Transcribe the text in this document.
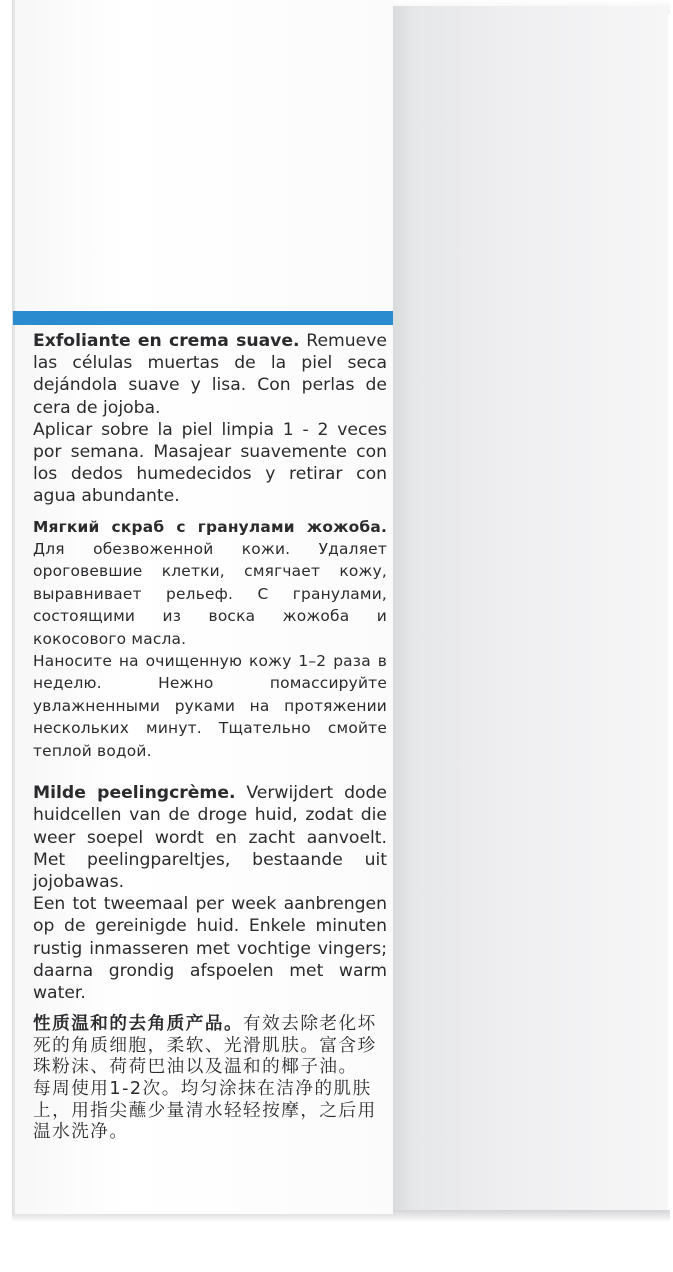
Exfoliante en crema suave. Remueve las células muertas de la piel seca dejándola suave y lisa. Con perlas de cera de jojoba.

Aplicar sobre la piel limpia 1 - 2 veces por semana. Masajear suavemente con los dedos humedecidos y retirar con agua abundante.

Мягкий скраб с гранулами жожоба. Для обезвоженной кожи. Удаляет ороговевшие клетки, смягчает кожу, выравнивает рельеф. С гранулами, состоящими из воска жожоба и кокосового масла.

Наносите на очищенную кожу 1–2 раза в неделю. Нежно помассируйте увлажненными руками на протяжении нескольких минут. Тщательно смойте теплой водой.

Milde peelingcrème. Verwijdert dode huidcellen van de droge huid, zodat die weer soepel wordt en zacht aanvoelt. Met peelingpareltjes, bestaande uit jojobawas.

Een tot tweemaal per week aanbrengen op de gereinigde huid. Enkele minuten rustig inmasseren met vochtige vingers; daarna grondig afspoelen met warm water.

性质温和的去角质产品。有效去除老化坏死的角质细胞，柔软、光滑肌肤。富含珍珠粉沫、荷荷巴油以及温和的椰子油。

每周使用1-2次。均匀涂抹在洁净的肌肤上，用指尖蘸少量清水轻轻按摩，之后用温水洗净。
